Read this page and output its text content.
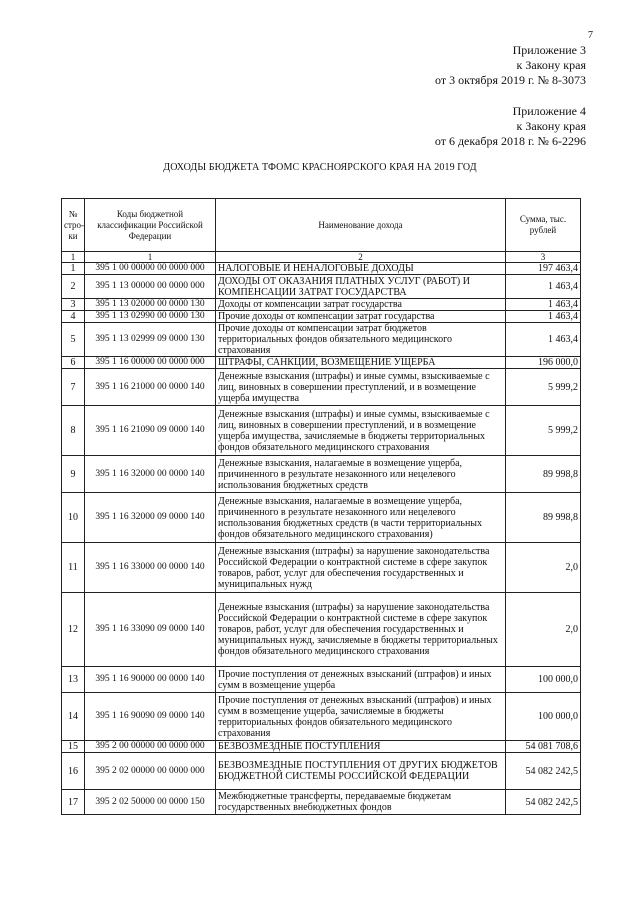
7
Приложение 3
к Закону края
от 3 октября 2019 г. № 8-3073
Приложение 4
к Закону края
от 6 декабря 2018 г. № 6-2296
ДОХОДЫ БЮДЖЕТА ТФОМС КРАСНОЯРСКОГО КРАЯ НА 2019 ГОД
№ стро-ки	Коды бюджетной классификации Российской Федерации	Наименование дохода	Сумма, тыс. рублей
1	1	2	3
1	395 1 00 00000 00 0000 000	НАЛОГОВЫЕ И НЕНАЛОГОВЫЕ ДОХОДЫ	197 463,4
2	395 1 13 00000 00 0000 000	ДОХОДЫ ОТ ОКАЗАНИЯ ПЛАТНЫХ УСЛУГ (РАБОТ) И КОМПЕНСАЦИИ ЗАТРАТ ГОСУДАРСТВА	1 463,4
3	395 1 13 02000 00 0000 130	Доходы от компенсации затрат государства	1 463,4
4	395 1 13 02990 00 0000 130	Прочие доходы от компенсации затрат государства	1 463,4
5	395 1 13 02999 09 0000 130	Прочие доходы от компенсации затрат бюджетов территориальных фондов обязательного медицинского страхования	1 463,4
6	395 1 16 00000 00 0000 000	ШТРАФЫ, САНКЦИИ, ВОЗМЕЩЕНИЕ УЩЕРБА	196 000,0
7	395 1 16 21000 00 0000 140	Денежные взыскания (штрафы) и иные суммы, взыскиваемые с лиц, виновных в совершении преступлений, и в возмещение ущерба имущества	5 999,2
8	395 1 16 21090 09 0000 140	Денежные взыскания (штрафы) и иные суммы, взыскиваемые с лиц, виновных в совершении преступлений, и в возмещение ущерба имущества, зачисляемые в бюджеты территориальных фондов обязательного медицинского страхования	5 999,2
9	395 1 16 32000 00 0000 140	Денежные взыскания, налагаемые в возмещение ущерба, причиненного в результате незаконного или нецелевого использования бюджетных средств	89 998,8
10	395 1 16 32000 09 0000 140	Денежные взыскания, налагаемые в возмещение ущерба, причиненного в результате незаконного или нецелевого использования бюджетных средств (в части территориальных фондов обязательного медицинского страхования)	89 998,8
11	395 1 16 33000 00 0000 140	Денежные взыскания (штрафы) за нарушение законодательства Российской Федерации о контрактной системе в сфере закупок товаров, работ, услуг для обеспечения государственных и муниципальных нужд	2,0
12	395 1 16 33090 09 0000 140	Денежные взыскания (штрафы) за нарушение законодательства Российской Федерации о контрактной системе в сфере закупок товаров, работ, услуг для обеспечения государственных и муниципальных нужд, зачисляемые в бюджеты территориальных фондов обязательного медицинского страхования	2,0
13	395 1 16 90000 00 0000 140	Прочие поступления от денежных взысканий (штрафов) и иных сумм в возмещение ущерба	100 000,0
14	395 1 16 90090 09 0000 140	Прочие поступления от денежных взысканий (штрафов) и иных сумм в возмещение ущерба, зачисляемые в бюджеты территориальных фондов обязательного медицинского страхования	100 000,0
15	395 2 00 00000 00 0000 000	БЕЗВОЗМЕЗДНЫЕ ПОСТУПЛЕНИЯ	54 081 708,6
16	395 2 02 00000 00 0000 000	БЕЗВОЗМЕЗДНЫЕ ПОСТУПЛЕНИЯ ОТ ДРУГИХ БЮДЖЕТОВ БЮДЖЕТНОЙ СИСТЕМЫ РОССИЙСКОЙ ФЕДЕРАЦИИ	54 082 242,5
17	395 2 02 50000 00 0000 150	Межбюджетные трансферты, передаваемые бюджетам государственных внебюджетных фондов	54 082 242,5
